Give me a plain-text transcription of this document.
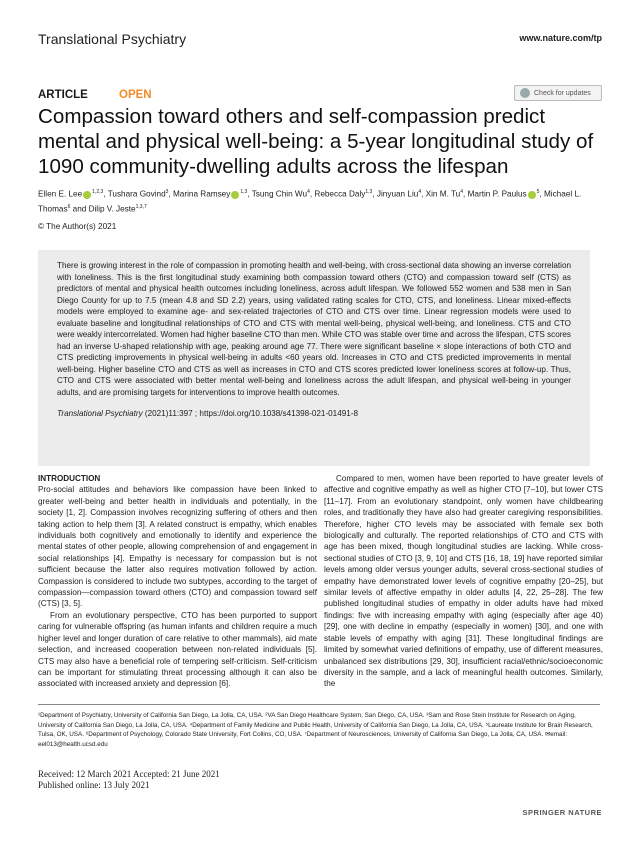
Translational Psychiatry	www.nature.com/tp
ARTICLE	OPEN	Check for updates
Compassion toward others and self-compassion predict mental and physical well-being: a 5-year longitudinal study of 1090 community-dwelling adults across the lifespan
Ellen E. Lee $^{1,2,3}$, Tushara Govind$^3$, Marina Ramsey $^{1,3}$, Tsung Chin Wu$^4$, Rebecca Daly$^{1,3}$, Jinyuan Liu$^4$, Xin M. Tu$^4$, Martin P. Paulus $^5$, Michael L. Thomas$^6$ and Dilip V. Jeste$^{1,3,7}$
© The Author(s) 2021

There is growing interest in the role of compassion in promoting health and well-being, with cross-sectional data showing an inverse correlation with loneliness. This is the first longitudinal study examining both compassion toward others (CTO) and compassion toward self (CTS) as predictors of mental and physical health outcomes including loneliness, across adult lifespan. We followed 552 women and 538 men in San Diego County for up to 7.5 (mean 4.8 and SD 2.2) years, using validated rating scales for CTO, CTS, and loneliness. Linear mixed-effects models were employed to examine age- and sex-related trajectories of CTO and CTS over time. Linear regression models were used to evaluate baseline and longitudinal relationships of CTO and CTS with mental well-being, physical well-being, and loneliness. CTS and CTO were weakly intercorrelated. Women had higher baseline CTO than men. While CTO was stable over time and across the lifespan, CTS scores had an inverse U-shaped relationship with age, peaking around age 77. There were significant baseline × slope interactions of both CTO and CTS predicting improvements in physical well-being in adults <60 years old. Increases in CTO and CTS predicted improvements in mental well-being. Higher baseline CTO and CTS as well as increases in CTO and CTS scores predicted lower loneliness scores at follow-up. Thus, CTO and CTS were associated with better mental well-being and loneliness across the adult lifespan, and physical well-being in younger adults, and are promising targets for interventions to improve health outcomes.

Translational Psychiatry (2021)11:397 ; https://doi.org/10.1038/s41398-021-01491-8

INTRODUCTION

Pro-social attitudes and behaviors like compassion have been linked to greater well-being and better health in individuals and potentially, in the society [1, 2]. Compassion involves recognizing suffering of others and then taking action to help them [3]. A related construct is empathy, which enables individuals both cognitively and emotionally to identify and experience the mental states of other people, allowing comprehension of and engagement in social relationships [4]. Empathy is necessary for compassion but is not sufficient because the latter also requires motivation followed by action. Compassion is considered to include two subtypes, according to the target of compassion—compassion toward others (CTO) and compassion toward self (CTS) [3, 5].

From an evolutionary perspective, CTO has been purported to support caring for vulnerable offspring (as human infants and children require a much higher level and longer duration of care relative to other mammals), aid mate selection, and increased cooperation between non-related individuals [5]. CTS may also have a beneficial role of tempering self-criticism. Self-criticism can be important for stimulating threat processing although it can also be associated with increased anxiety and depression [6].

Compared to men, women have been reported to have greater levels of affective and cognitive empathy as well as higher CTO [7–10], but lower CTS [11–17]. From an evolutionary standpoint, only women have childbearing roles, and traditionally they have also had greater caregiving responsibilities. Therefore, higher CTO levels may be associated with female sex both biologically and culturally. The reported relationships of CTO and CTS with age has been mixed, though longitudinal studies are lacking. While cross-sectional studies of CTO [3, 9, 10] and CTS [16, 18, 19] have reported similar levels among older versus younger adults, several cross-sectional studies of empathy have demonstrated lower levels of cognitive empathy [20–25], but similar levels of affective empathy in older adults [4, 22, 25–28]. The few published longitudinal studies of empathy in older adults have had mixed findings: five with increasing empathy with aging (especially after age 40) [29], one with decline in empathy (especially in women) [30], and one with stable levels of empathy with aging [31]. These longitudinal findings are limited by somewhat varied definitions of empathy, use of different measures, unbalanced sex distributions [29, 30], insufficient racial/ethnic/socioeconomic diversity in the sample, and a lack of meaningful health outcomes. Similarly, the

¹Department of Psychiatry, University of California San Diego, La Jolla, CA, USA. ²VA San Diego Healthcare System, San Diego, CA, USA. ³Sam and Rose Stein Institute for Research on Aging, University of California San Diego, La Jolla, CA, USA. ⁴Department of Family Medicine and Public Health, University of California San Diego, La Jolla, CA, USA. ⁵Laureate Institute for Brain Research, Tulsa, OK, USA. ⁶Department of Psychology, Colorado State University, Fort Collins, CO, USA. ⁷Department of Neurosciences, University of California San Diego, La Jolla, CA, USA. ✉email: eel013@health.ucsd.edu
Received: 12 March 2021 Accepted: 21 June 2021
Published online: 13 July 2021
SPRINGER NATURE
